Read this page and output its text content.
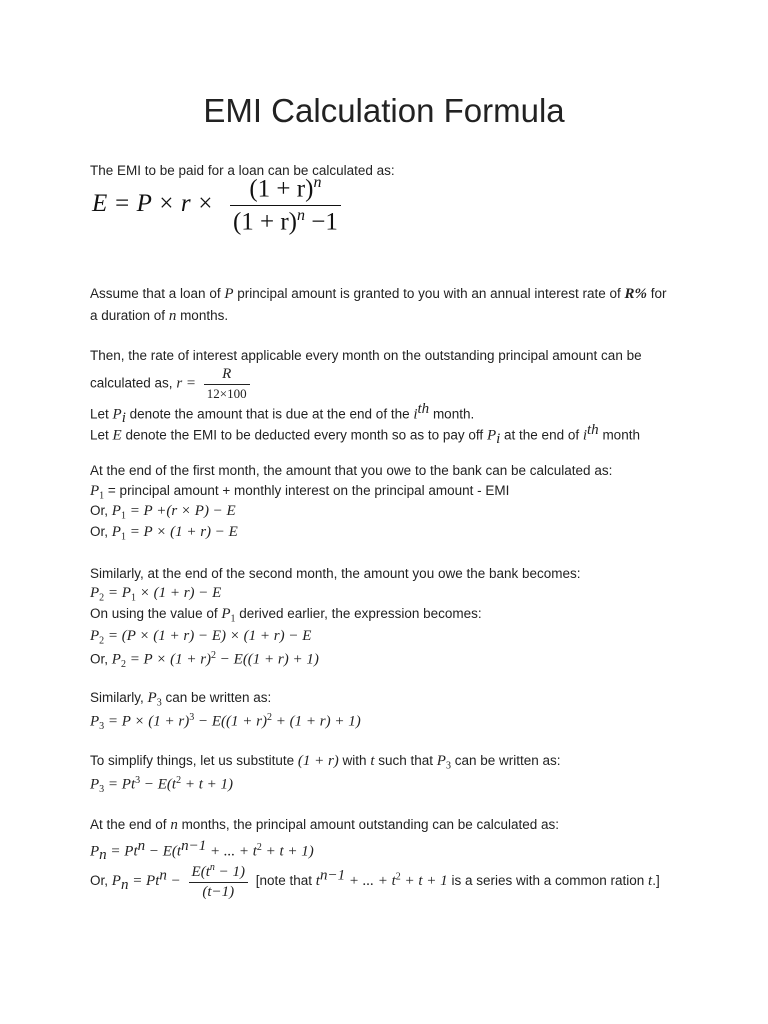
EMI Calculation Formula
The EMI to be paid for a loan can be calculated as:
$E = P \times r \times \frac{(1 + r)^n}{(1 + r)^n -1}$
Assume that a loan of P principal amount is granted to you with an annual interest rate of R% for
a duration of n months.
Then, the rate of interest applicable every month on the outstanding principal amount can be
calculated as, $r = \frac{R}{12\times 100}$
Let $P_i$ denote the amount that is due at the end of the $i^{th}$ month.
Let E denote the EMI to be deducted every month so as to pay off $P_i$ at the end of $i^{th}$ month
At the end of the first month, the amount that you owe to the bank can be calculated as:
$P_1$ = principal amount + monthly interest on the principal amount - EMI
Or, $P_1 = P +(r \times P) - E$
Or, $P_1 = P \times (1 + r) - E$
Similarly, at the end of the second month, the amount you owe the bank becomes:
$P_2 = P_1 \times (1 + r) - E$
On using the value of $P_1$ derived earlier, the expression becomes:
$P_2 = (P \times (1 + r) - E) \times (1 + r) - E$
Or, $P_2 = P \times (1 + r)^2 - E((1 + r) + 1)$
Similarly, $P_3$ can be written as:
$P_3 = P \times (1 + r)^3 - E((1 + r)^2 + (1 + r) + 1)$
To simplify things, let us substitute (1 + r) with t such that $P_3$ can be written as:
$P_3 = Pt^3 - E(t^2 + t + 1)$
At the end of n months, the principal amount outstanding can be calculated as:
$P_n = Pt^n - E(t^{n-1}$ + ... + $t^2 + t + 1$)
Or, $P_n = Pt^n - \frac{E(t^n - 1)}{(t-1)}$ [note that $t^{n-1}$ + ... + $t^2 + t + 1$ is a series with a common ration t.]
